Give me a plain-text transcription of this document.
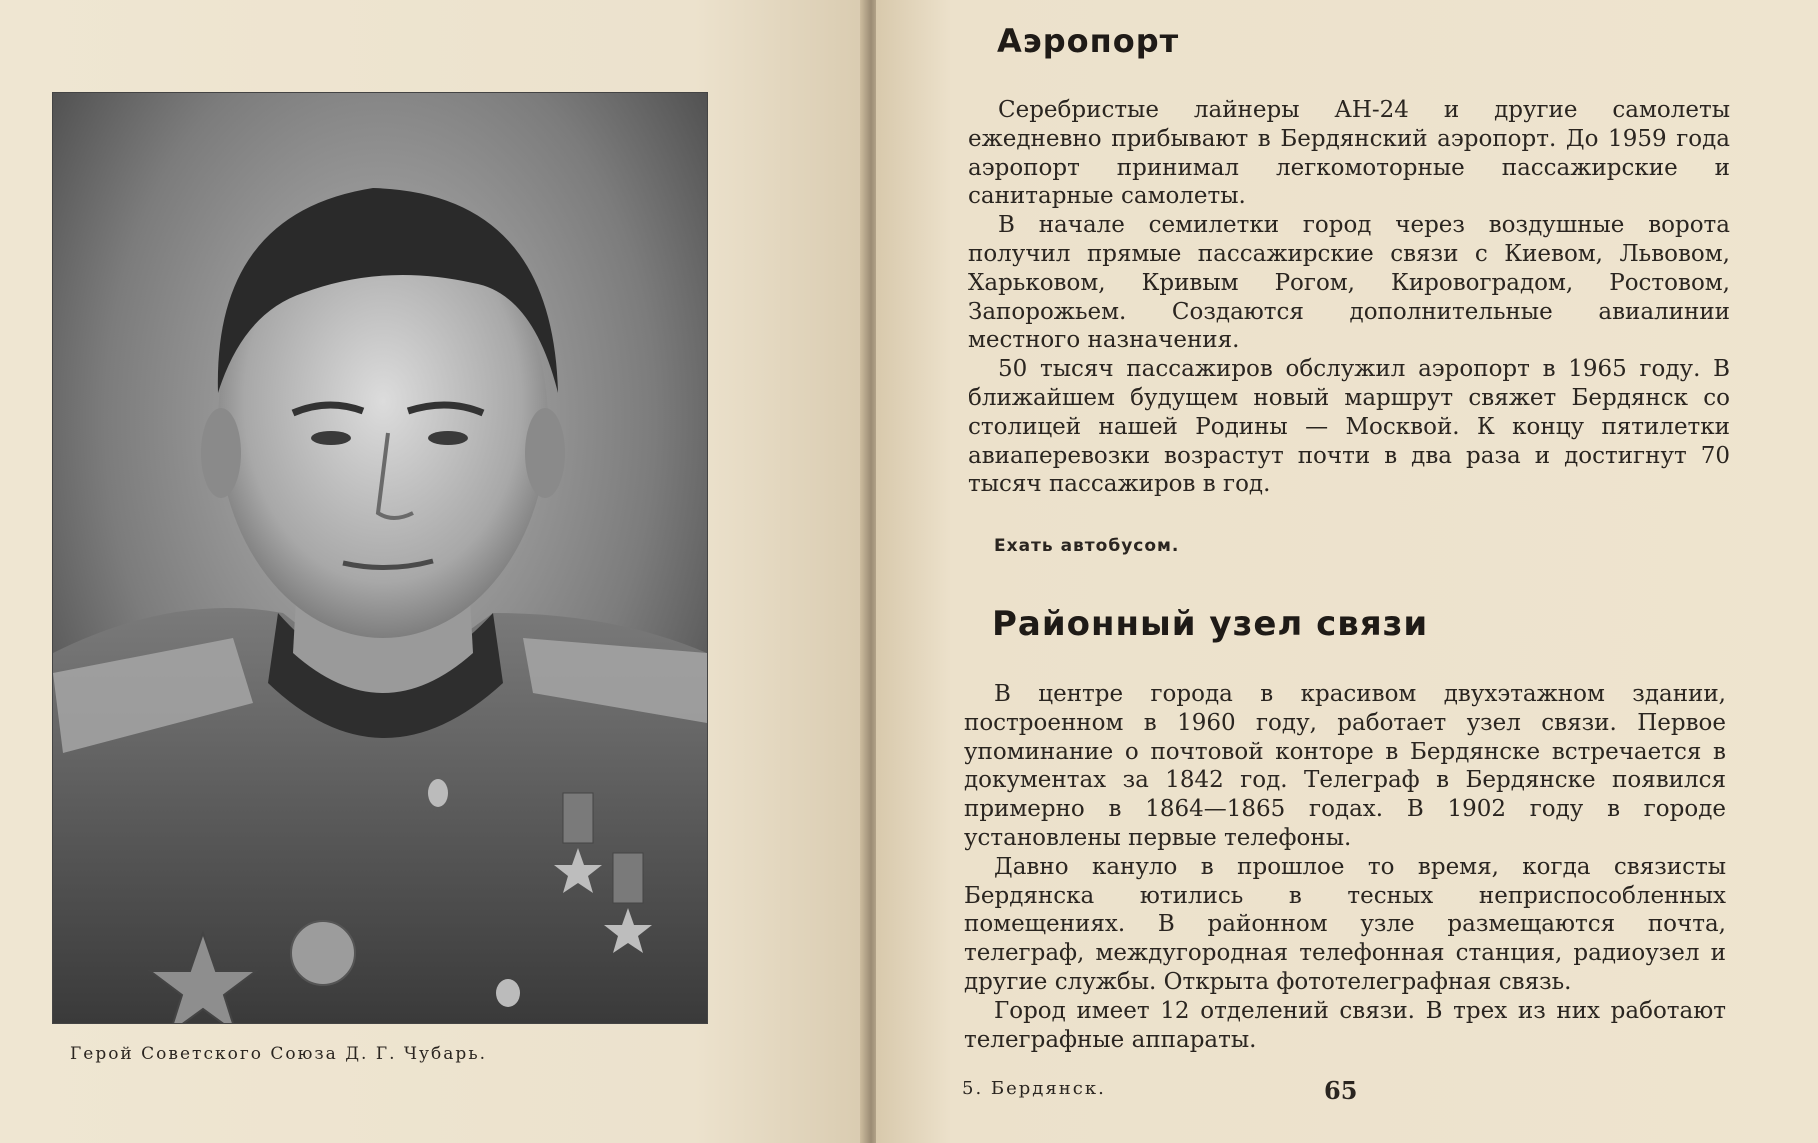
Герой Советского Союза Д. Г. Чубарь.
Аэропорт

Серебристые лайнеры АН-24 и другие самолеты ежедневно прибывают в Бердянский аэропорт. До 1959 года аэропорт принимал легкомоторные пассажирские и санитарные самолеты.

В начале семилетки город через воздушные ворота получил прямые пассажирские связи с Киевом, Львовом, Харьковом, Кривым Рогом, Кировоградом, Ростовом, Запорожьем. Создаются дополнительные авиалинии местного назначения.

50 тысяч пассажиров обслужил аэропорт в 1965 году. В ближайшем будущем новый маршрут свяжет Бердянск со столицей нашей Родины — Москвой. К концу пятилетки авиаперевозки возрастут почти в два раза и достигнут 70 тысяч пассажиров в год.

Ехать автобусом.
Районный узел связи

В центре города в красивом двухэтажном здании, построенном в 1960 году, работает узел связи. Первое упоминание о почтовой конторе в Бердянске встречается в документах за 1842 год. Телеграф в Бердянске появился примерно в 1864—1865 годах. В 1902 году в городе установлены первые телефоны.

Давно кануло в прошлое то время, когда связисты Бердянска ютились в тесных неприспособленных помещениях. В районном узле размещаются почта, телеграф, междугородная телефонная станция, радиоузел и другие службы. Открыта фототелеграфная связь.

Город имеет 12 отделений связи. В трех из них работают телеграфные аппараты.

5. Бердянск.	65
